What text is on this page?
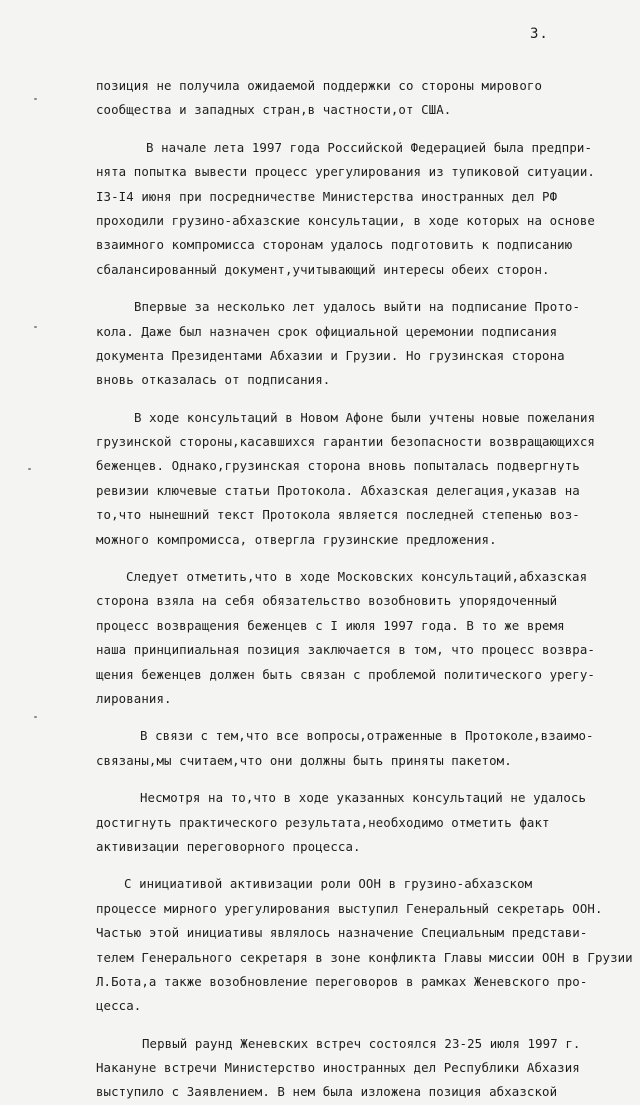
3.
позиция не получила ожидаемой поддержки со стороны мирового
сообщества и западных стран,в частности,от США.
В начале лета 1997 года Российской Федерацией была предпри-
нята попытка вывести процесс урегулирования из тупиковой ситуации.
I3-I4 июня при посредничестве Министерства иностранных дел РФ
проходили грузино-абхазские консультации, в ходе которых на основе
взаимного компромисса сторонам удалось подготовить к подписанию
сбалансированный документ,учитывающий интересы обеих сторон.
Впервые за несколько лет удалось выйти на подписание Прото-
кола. Даже был назначен срок официальной церемонии подписания
документа Президентами Абхазии и Грузии. Но грузинская сторона
вновь отказалась от подписания.
В ходе консультаций в Новом Афоне были учтены новые пожелания
грузинской стороны,касавшихся гарантии безопасности возвращающихся
беженцев. Однако,грузинская сторона вновь попыталась подвергнуть
ревизии ключевые статьи Протокола. Абхазская делегация,указав на
то,что нынешний текст Протокола является последней степенью воз-
можного компромисса, отвергла грузинские предложения.
Следует отметить,что в ходе Московских консультаций,абхазская
сторона взяла на себя обязательство возобновить упорядоченный
процесс возвращения беженцев с I июля 1997 года. В то же время
наша принципиальная позиция заключается в том, что процесс возвра-
щения беженцев должен быть связан с проблемой политического урегу-
лирования.
В связи с тем,что все вопросы,отраженные в Протоколе,взаимо-
связаны,мы считаем,что они должны быть приняты пакетом.
Несмотря на то,что в ходе указанных консультаций не удалось
достигнуть практического результата,необходимо отметить факт
активизации переговорного процесса.
С инициативой активизации роли ООН в грузино-абхазском
процессе мирного урегулирования выступил Генеральный секретарь ООН.
Частью этой инициативы являлось назначение Специальным представи-
телем Генерального секретаря в зоне конфликта Главы миссии ООН в Грузии
Л.Бота,а также возобновление переговоров в рамках Женевского про-
цесса.
Первый раунд Женевских встреч состоялся 23-25 июля 1997 г.
Накануне встречи Министерство иностранных дел Республики Абхазия
выступило с Заявлением. В нем была изложена позиция абхазской
